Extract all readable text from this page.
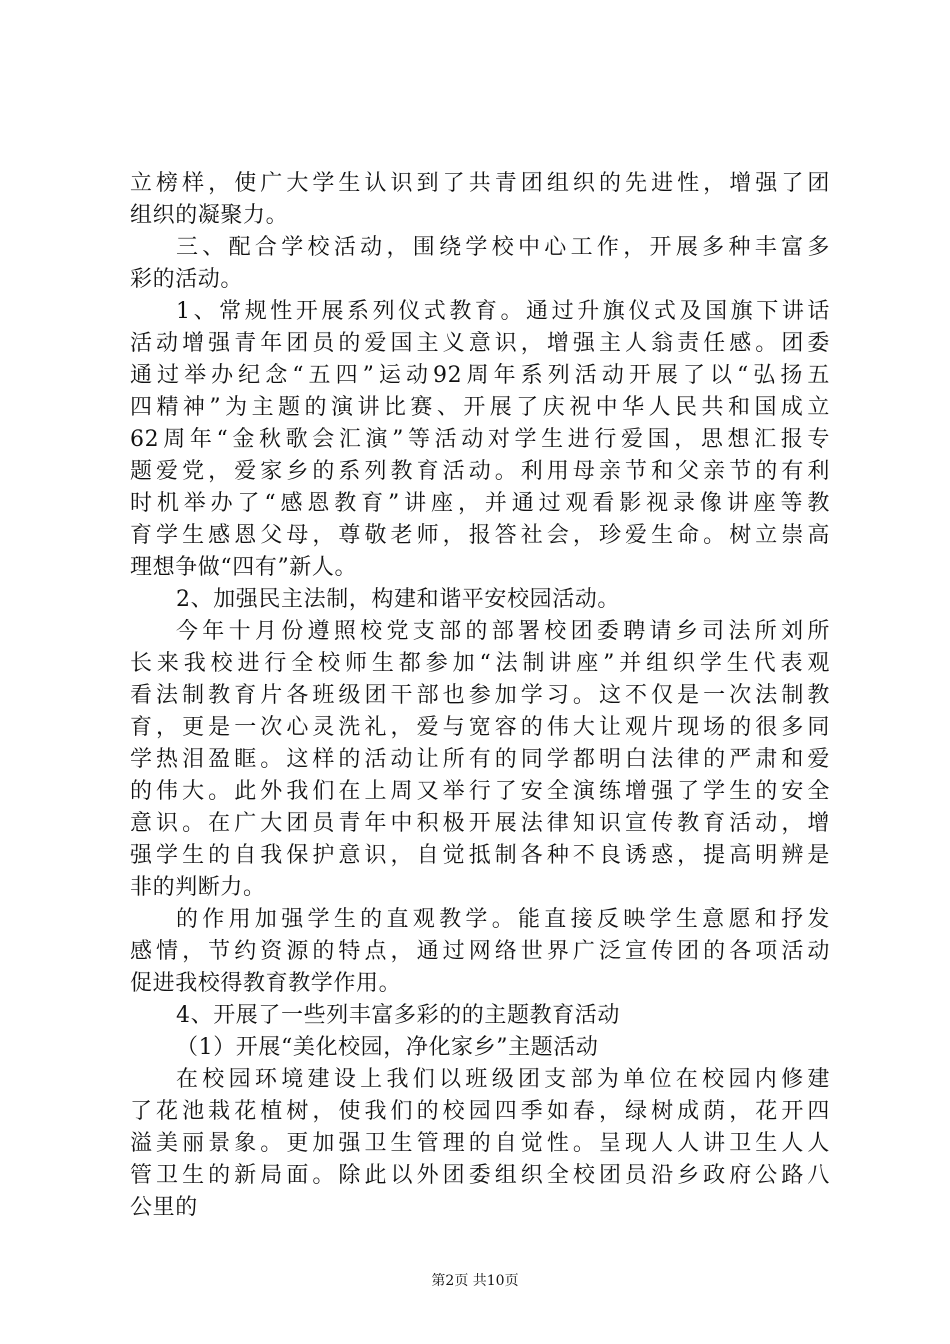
立榜样，使广大学生认识到了共青团组织的先进性，增强了团
组织的凝聚力。
三、配合学校活动，围绕学校中心工作，开展多种丰富多
彩的活动。
1、常规性开展系列仪式教育。通过升旗仪式及国旗下讲话
活动增强青年团员的爱国主义意识，增强主人翁责任感。团委
通过举办纪念“五四”运动92周年系列活动开展了以“弘扬五
四精神”为主题的演讲比赛、开展了庆祝中华人民共和国成立
62周年“金秋歌会汇演”等活动对学生进行爱国，思想汇报专
题爱党，爱家乡的系列教育活动。利用母亲节和父亲节的有利
时机举办了“感恩教育”讲座，并通过观看影视录像讲座等教
育学生感恩父母，尊敬老师，报答社会，珍爱生命。树立崇高
理想争做“四有”新人。
2、加强民主法制，构建和谐平安校园活动。
今年十月份遵照校党支部的部署校团委聘请乡司法所刘所
长来我校进行全校师生都参加“法制讲座”并组织学生代表观
看法制教育片各班级团干部也参加学习。这不仅是一次法制教
育，更是一次心灵洗礼，爱与宽容的伟大让观片现场的很多同
学热泪盈眶。这样的活动让所有的同学都明白法律的严肃和爱
的伟大。此外我们在上周又举行了安全演练增强了学生的安全
意识。在广大团员青年中积极开展法律知识宣传教育活动，增
强学生的自我保护意识，自觉抵制各种不良诱惑，提高明辨是
非的判断力。
的作用加强学生的直观教学。能直接反映学生意愿和抒发
感情，节约资源的特点，通过网络世界广泛宣传团的各项活动
促进我校得教育教学作用。
4、开展了一些列丰富多彩的的主题教育活动
（1）开展“美化校园，净化家乡”主题活动
在校园环境建设上我们以班级团支部为单位在校园内修建
了花池栽花植树，使我们的校园四季如春，绿树成荫，花开四
溢美丽景象。更加强卫生管理的自觉性。呈现人人讲卫生人人
管卫生的新局面。除此以外团委组织全校团员沿乡政府公路八
公里的
第2页 共10页
